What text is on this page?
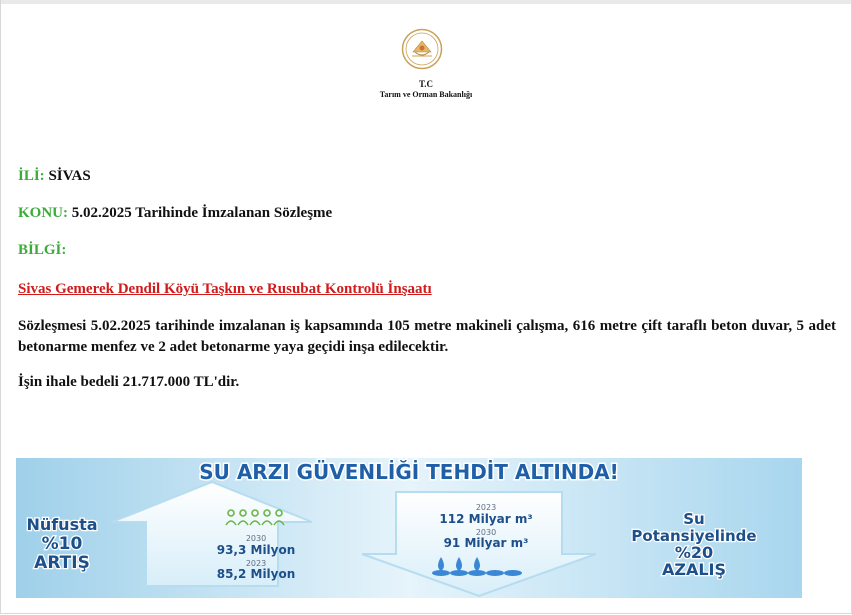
T.C
Tarım ve Orman Bakanlığı
İLİ: SİVAS
KONU: 5.02.2025 Tarihinde İmzalanan Sözleşme
BİLGİ:
Sivas Gemerek Dendil Köyü Taşkın ve Rusubat Kontrolü İnşaatı
Sözleşmesi 5.02.2025 tarihinde imzalanan iş kapsamında 105 metre makineli çalışma, 616 metre çift taraflı beton duvar, 5 adet betonarme menfez ve 2 adet betonarme yaya geçidi inşa edilecektir.
İşin ihale bedeli 21.717.000 TL'dir.
SU ARZI GÜVENLİĞİ TEHDİT ALTINDA!
Nüfusta
%10
ARTIŞ
2030
93,3 Milyon
2023
85,2 Milyon
2023
112 Milyar m³
2030
91 Milyar m³
Su
Potansiyelinde
%20
AZALIŞ
